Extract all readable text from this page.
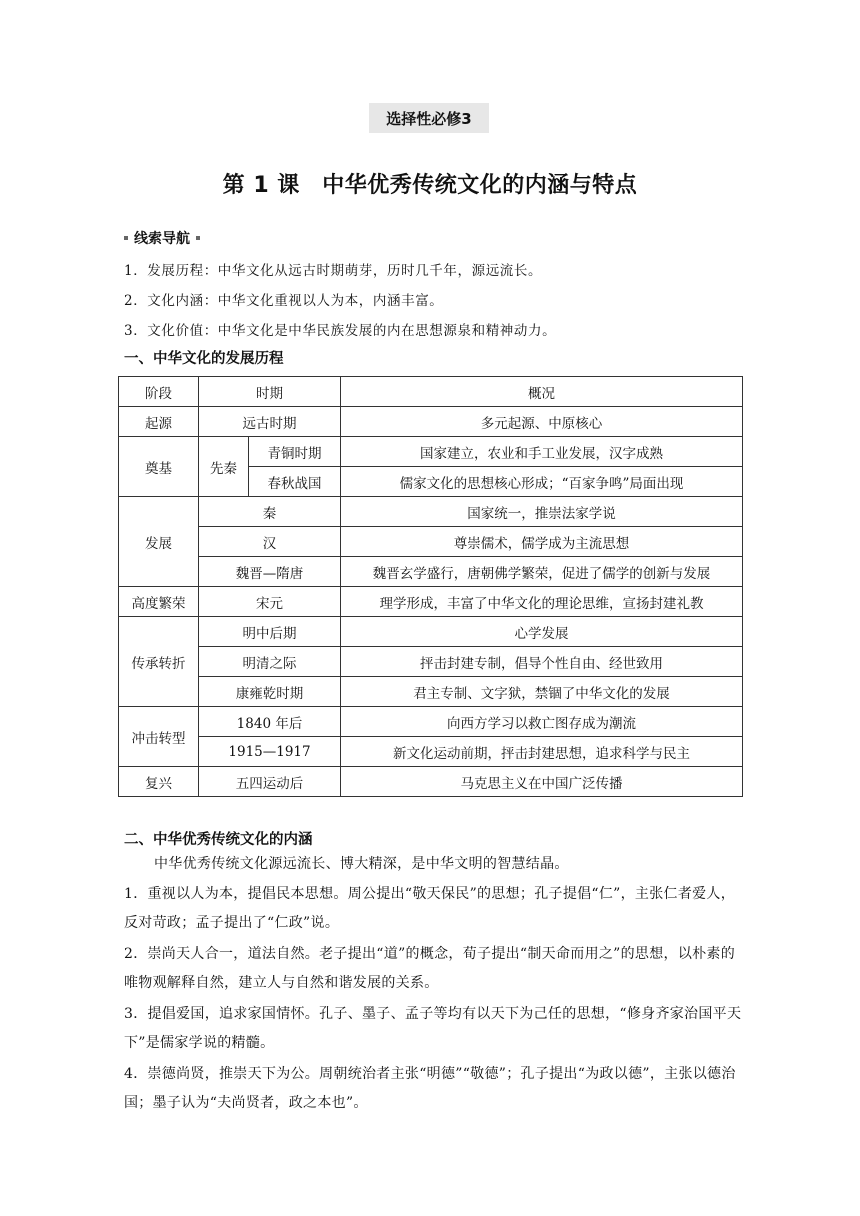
选择性必修3
第 1 课　中华优秀传统文化的内涵与特点
线索导航
1．发展历程：中华文化从远古时期萌芽，历时几千年，源远流长。
2．文化内涵：中华文化重视以人为本，内涵丰富。
3．文化价值：中华文化是中华民族发展的内在思想源泉和精神动力。
一、中华文化的发展历程
阶段	时期		概况
起源	远古时期		多元起源、中原核心
奠基	先秦	青铜时期	国家建立，农业和手工业发展，汉字成熟
		春秋战国	儒家文化的思想核心形成；“百家争鸣”局面出现
发展	秦		国家统一，推崇法家学说
	汉		尊崇儒术，儒学成为主流思想
	魏晋—隋唐		魏晋玄学盛行，唐朝佛学繁荣，促进了儒学的创新与发展
高度繁荣	宋元		理学形成，丰富了中华文化的理论思维，宣扬封建礼教
传承转折	明中后期		心学发展
	明清之际		抨击封建专制，倡导个性自由、经世致用
	康雍乾时期		君主专制、文字狱，禁锢了中华文化的发展
冲击转型	1840 年后		向西方学习以救亡图存成为潮流
	1915—1917		新文化运动前期，抨击封建思想，追求科学与民主
复兴	五四运动后		马克思主义在中国广泛传播
二、中华优秀传统文化的内涵
中华优秀传统文化源远流长、博大精深，是中华文明的智慧结晶。
1．重视以人为本，提倡民本思想。周公提出“敬天保民”的思想；孔子提倡“仁”，主张仁者爱人，反对苛政；孟子提出了“仁政”说。
2．崇尚天人合一，道法自然。老子提出“道”的概念，荀子提出“制天命而用之”的思想，以朴素的唯物观解释自然，建立人与自然和谐发展的关系。
3．提倡爱国，追求家国情怀。孔子、墨子、孟子等均有以天下为己任的思想，“修身齐家治国平天下”是儒家学说的精髓。
4．崇德尚贤，推崇天下为公。周朝统治者主张“明德”“敬德”；孔子提出“为政以德”，主张以德治国；墨子认为“夫尚贤者，政之本也”。
